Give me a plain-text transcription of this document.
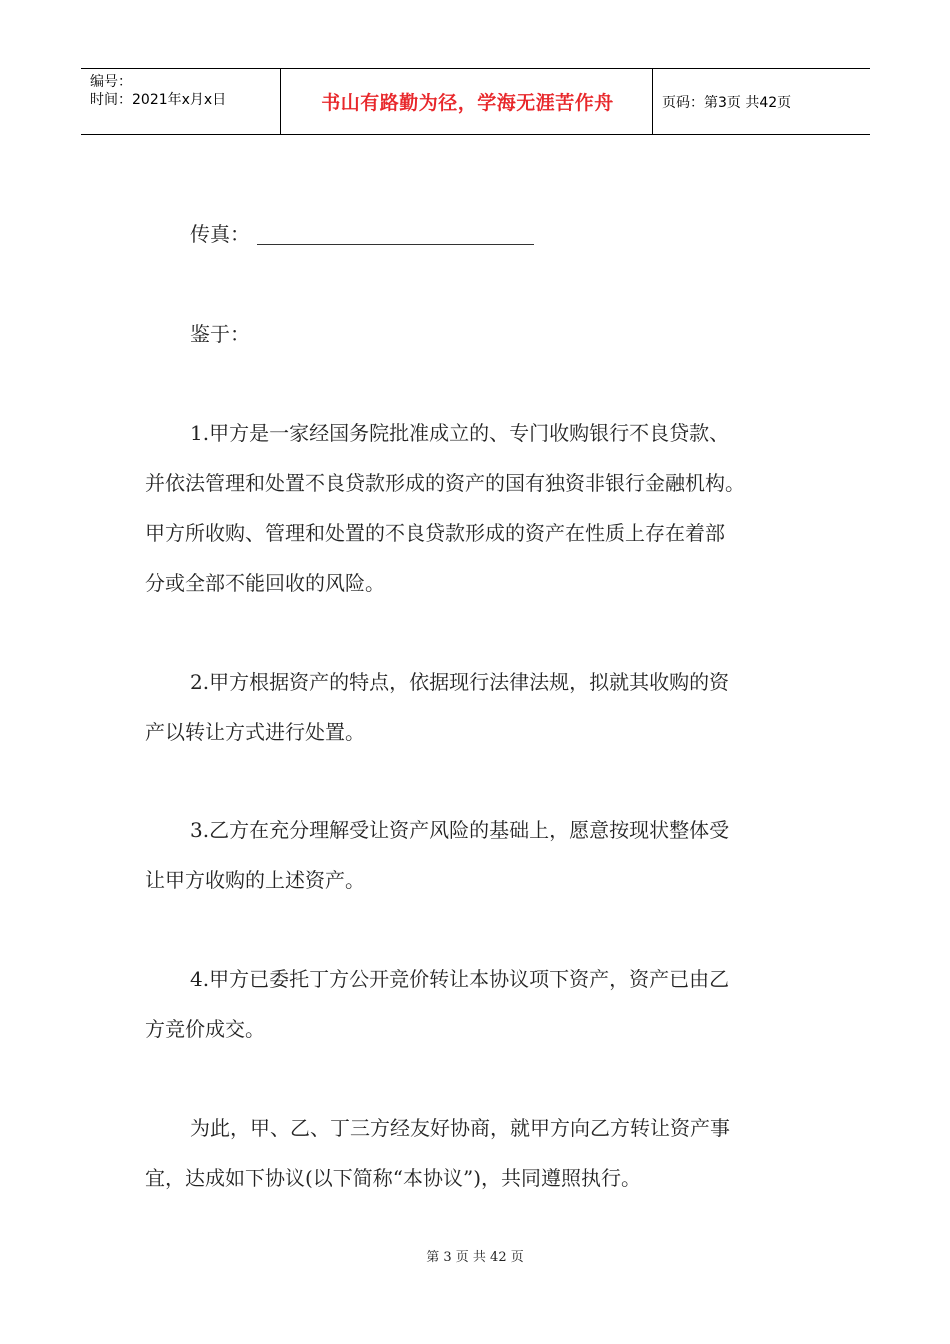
编号：
时间：2021年x月x日	书山有路勤为径，学海无涯苦作舟	页码：第3页 共42页
传真：
鉴于：
1.甲方是一家经国务院批准成立的、专门收购银行不良贷款、
并依法管理和处置不良贷款形成的资产的国有独资非银行金融机构。
甲方所收购、管理和处置的不良贷款形成的资产在性质上存在着部
分或全部不能回收的风险。
2.甲方根据资产的特点，依据现行法律法规，拟就其收购的资
产以转让方式进行处置。
3.乙方在充分理解受让资产风险的基础上，愿意按现状整体受
让甲方收购的上述资产。
4.甲方已委托丁方公开竞价转让本协议项下资产，资产已由乙
方竞价成交。
为此，甲、乙、丁三方经友好协商，就甲方向乙方转让资产事
宜，达成如下协议(以下简称“本协议”)，共同遵照执行。
第 3 页 共 42 页
